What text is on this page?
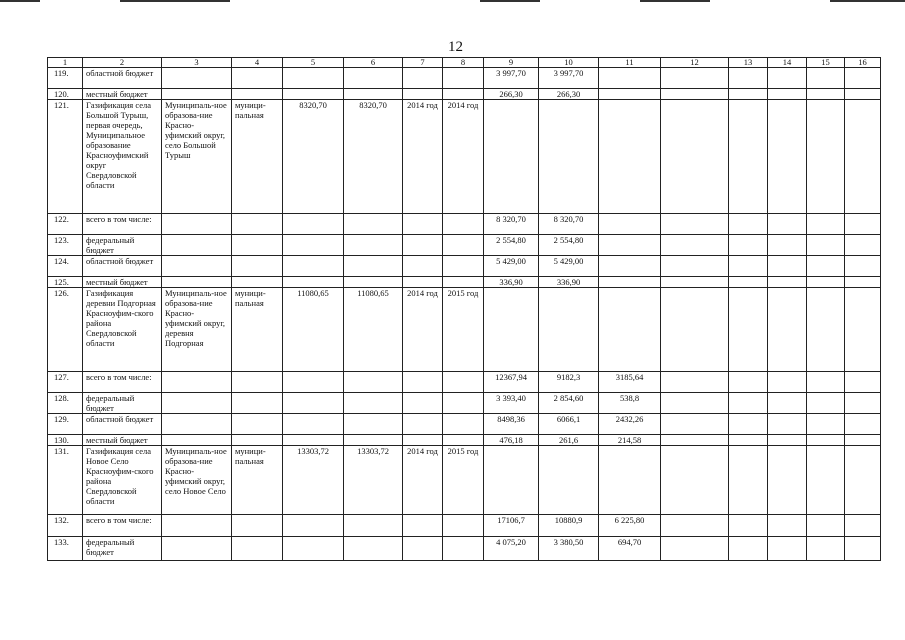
12
1	2	3	4	5	6	7	8	9	10	11	12	13	14	15	16
119.	областной бюджет							3 997,70	3 997,70						
120.	местный бюджет							266,30	266,30						
121.	Газификация села Большой Турыш, первая очередь, Муниципальное образование Красноуфимский округ Свердловской области	Муниципаль-ное образова-ние Красно-уфимский округ, село Большой Турыш	муници-пальная	8320,70	8320,70	2014 год	2014 год								
122.	всего в том числе:							8 320,70	8 320,70						
123.	федеральный бюджет							2 554,80	2 554,80						
124.	областной бюджет							5 429,00	5 429,00						
125.	местный бюджет							336,90	336,90						
126.	Газификация деревни Подгорная Красноуфим-ского района Свердловской области	Муниципаль-ное образова-ние Красно-уфимский округ, деревня Подгорная	муници-пальная	11080,65	11080,65	2014 год	2015 год								
127.	всего в том числе:							12367,94	9182,3	3185,64					
128.	федеральный бюджет							3 393,40	2 854,60	538,8					
129.	областной бюджет							8498,36	6066,1	2432,26					
130.	местный бюджет							476,18	261,6	214,58					
131.	Газификация села Новое Село Красноуфим-ского района Свердловской области	Муниципаль-ное образова-ние Красно-уфимский округ, село Новое Село	муници-пальная	13303,72	13303,72	2014 год	2015 год								
132.	всего в том числе:							17106,7	10880,9	6 225,80					
133.	федеральный бюджет							4 075,20	3 380,50	694,70					
